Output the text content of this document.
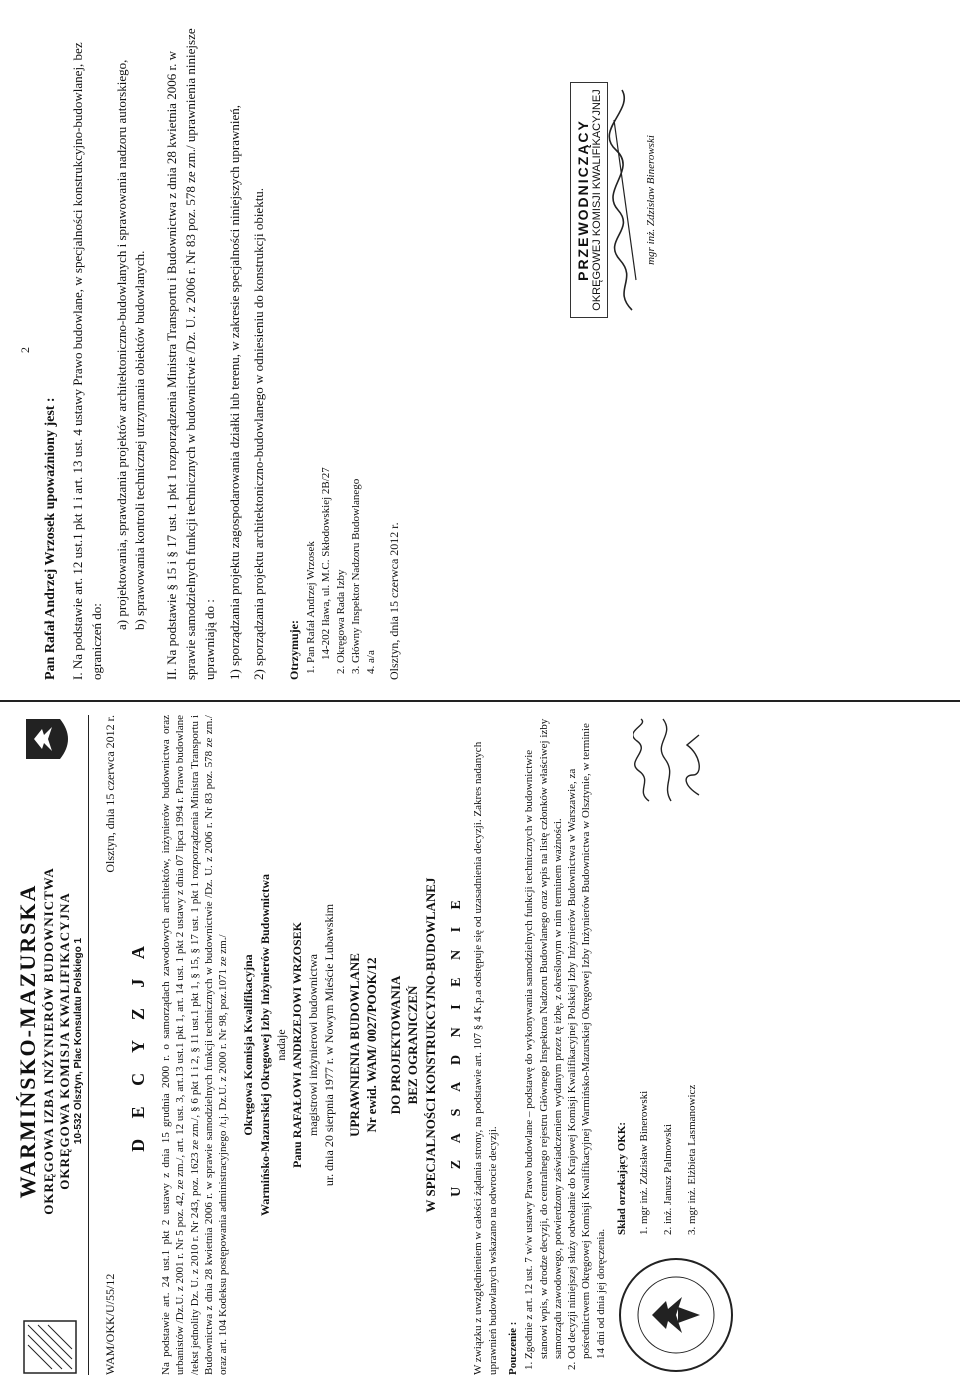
2
Pan Rafał Andrzej Wrzosek upoważniony jest : I. Na podstawie art. 12 ust.1 pkt 1 i art. 13 ust. 4 ustawy Prawo budowlane, w specjalności konstrukcyjno-budowlanej, bez ograniczeń do:
a) projektowania, sprawdzania projektów architektoniczno-budowlanych i sprawowania nadzoru autorskiego, b) sprawowania kontroli technicznej utrzymania obiektów budowlanych. II. Na podstawie § 15 i § 17 ust. 1 pkt 1 rozporządzenia Ministra Transportu i Budownictwa z dnia 28 kwietnia 2006 r. w sprawie samodzielnych funkcji technicznych w budownictwie /Dz. U. z 2006 r. Nr 83 poz. 578 ze zm./ uprawnienia niniejsze uprawniają do : 1) sporządzania projektu zagospodarowania działki lub terenu, w zakresie specjalności niniejszych uprawnień, 2) sporządzania projektu architektoniczno-budowlanego w odniesieniu do konstrukcji obiektu. Otrzymuje: 1. Pan Rafał Andrzej Wrzosek 14-202 Iława, ul. M.C. Skłodowskiej 2B/27 2. Okręgowa Rada Izby 3. Główny Inspektor Nadzoru Budowlanego 4. a/a Olsztyn, dnia 15 czerwca 2012 r.
PRZEWODNICZĄCY OKRĘGOWEJ KOMISJI KWALIFIKACYJNEJ	mgr inż. Zdzisław Binerowski
WARMIŃSKO-MAZURSKA OKRĘGOWA IZBA INŻYNIERÓW BUDOWNICTWA OKRĘGOWA KOMISJA KWALIFIKACYJNA 10-532 Olsztyn, Plac Konsulatu Polskiego 1
WAM/OKK/U/55/12
Olsztyn, dnia 15 czerwca 2012 r.
D E C Y Z J A Na podstawie art. 24 ust.1 pkt 2 ustawy z dnia 15 grudnia 2000 r. o samorządach zawodowych architektów, inżynierów budownictwa oraz urbanistów /Dz.U. z 2001 r. Nr 5 poz. 42, ze zm./, art. 12 ust. 3, art.13 ust.1 pkt 1, art. 14 ust. 1 pkt 2 ustawy z dnia 07 lipca 1994 r. Prawo budowlane /tekst jednolity Dz. U. z 2010 r. Nr 243, poz. 1623 ze zm./, § 6 pkt 1 i 2, § 11 ust.1 pkt 1, § 15, § 17 ust. 1 pkt 1 rozporządzenia Ministra Transportu i Budownictwa z dnia 28 kwietnia 2006 r. w sprawie samodzielnych funkcji technicznych w budownictwie /Dz. U. z 2006 r. Nr 83 poz. 578 ze zm./ oraz art. 104 Kodeksu postępowania administracyjnego /t.j. Dz.U. z 2000 r. Nr 98, poz.1071 ze zm./ Okręgowa Komisja Kwalifikacyjna Warmińsko-Mazurskiej Okręgowej Izby Inżynierów Budownictwa nadaje Panu RAFAŁOWI ANDRZEJOWI WRZOSEK magistrowi inżynierowi budownictwa ur. dnia 20 sierpnia 1977 r. w Nowym Mieście Lubawskim UPRAWNIENIA BUDOWLANE Nr ewid. WAM/ 0027/POOK/12 DO PROJEKTOWANIA BEZ OGRANICZEŃ W SPECJALNOŚCI KONSTRUKCYJNO-BUDOWLANEJ U Z A S A D N I E N I E W związku z uwzględnieniem w całości żądania strony, na podstawie art. 107 § 4 K.p.a odstępuje się od uzasadnienia decyzji. Zakres nadanych uprawnień budowlanych wskazano na odwrocie decyzji. Pouczenie : 1. Zgodnie z art. 12 ust. 7 w/w ustawy Prawo budowlane – podstawę do wykonywania samodzielnych funkcji technicznych w budownictwie stanowi wpis, w drodze decyzji, do centralnego rejestru Głównego Inspektora Nadzoru Budowlanego oraz wpis na listę członków właściwej izby samorządu zawodowego, potwierdzony zaświadczeniem wydanym przez tę izbę, z określonym w nim terminem ważności. 2. Od decyzji niniejszej służy odwołanie do Krajowej Komisji Kwalifikacyjnej Polskiej Izby Inżynierów Budownictwa w Warszawie, za pośrednictwem Okręgowej Komisji Kwalifikacyjnej Warmińsko-Mazurskiej Okręgowej Izby Inżynierów Budownictwa w Olsztynie, w terminie 14 dni od dnia jej doręczenia.
Skład orzekający OKK: 1. mgr inż. Zdzisław Binerowski 2. inż. Janusz Palmowski 3. mgr inż. Elżbieta Lasmanowicz
